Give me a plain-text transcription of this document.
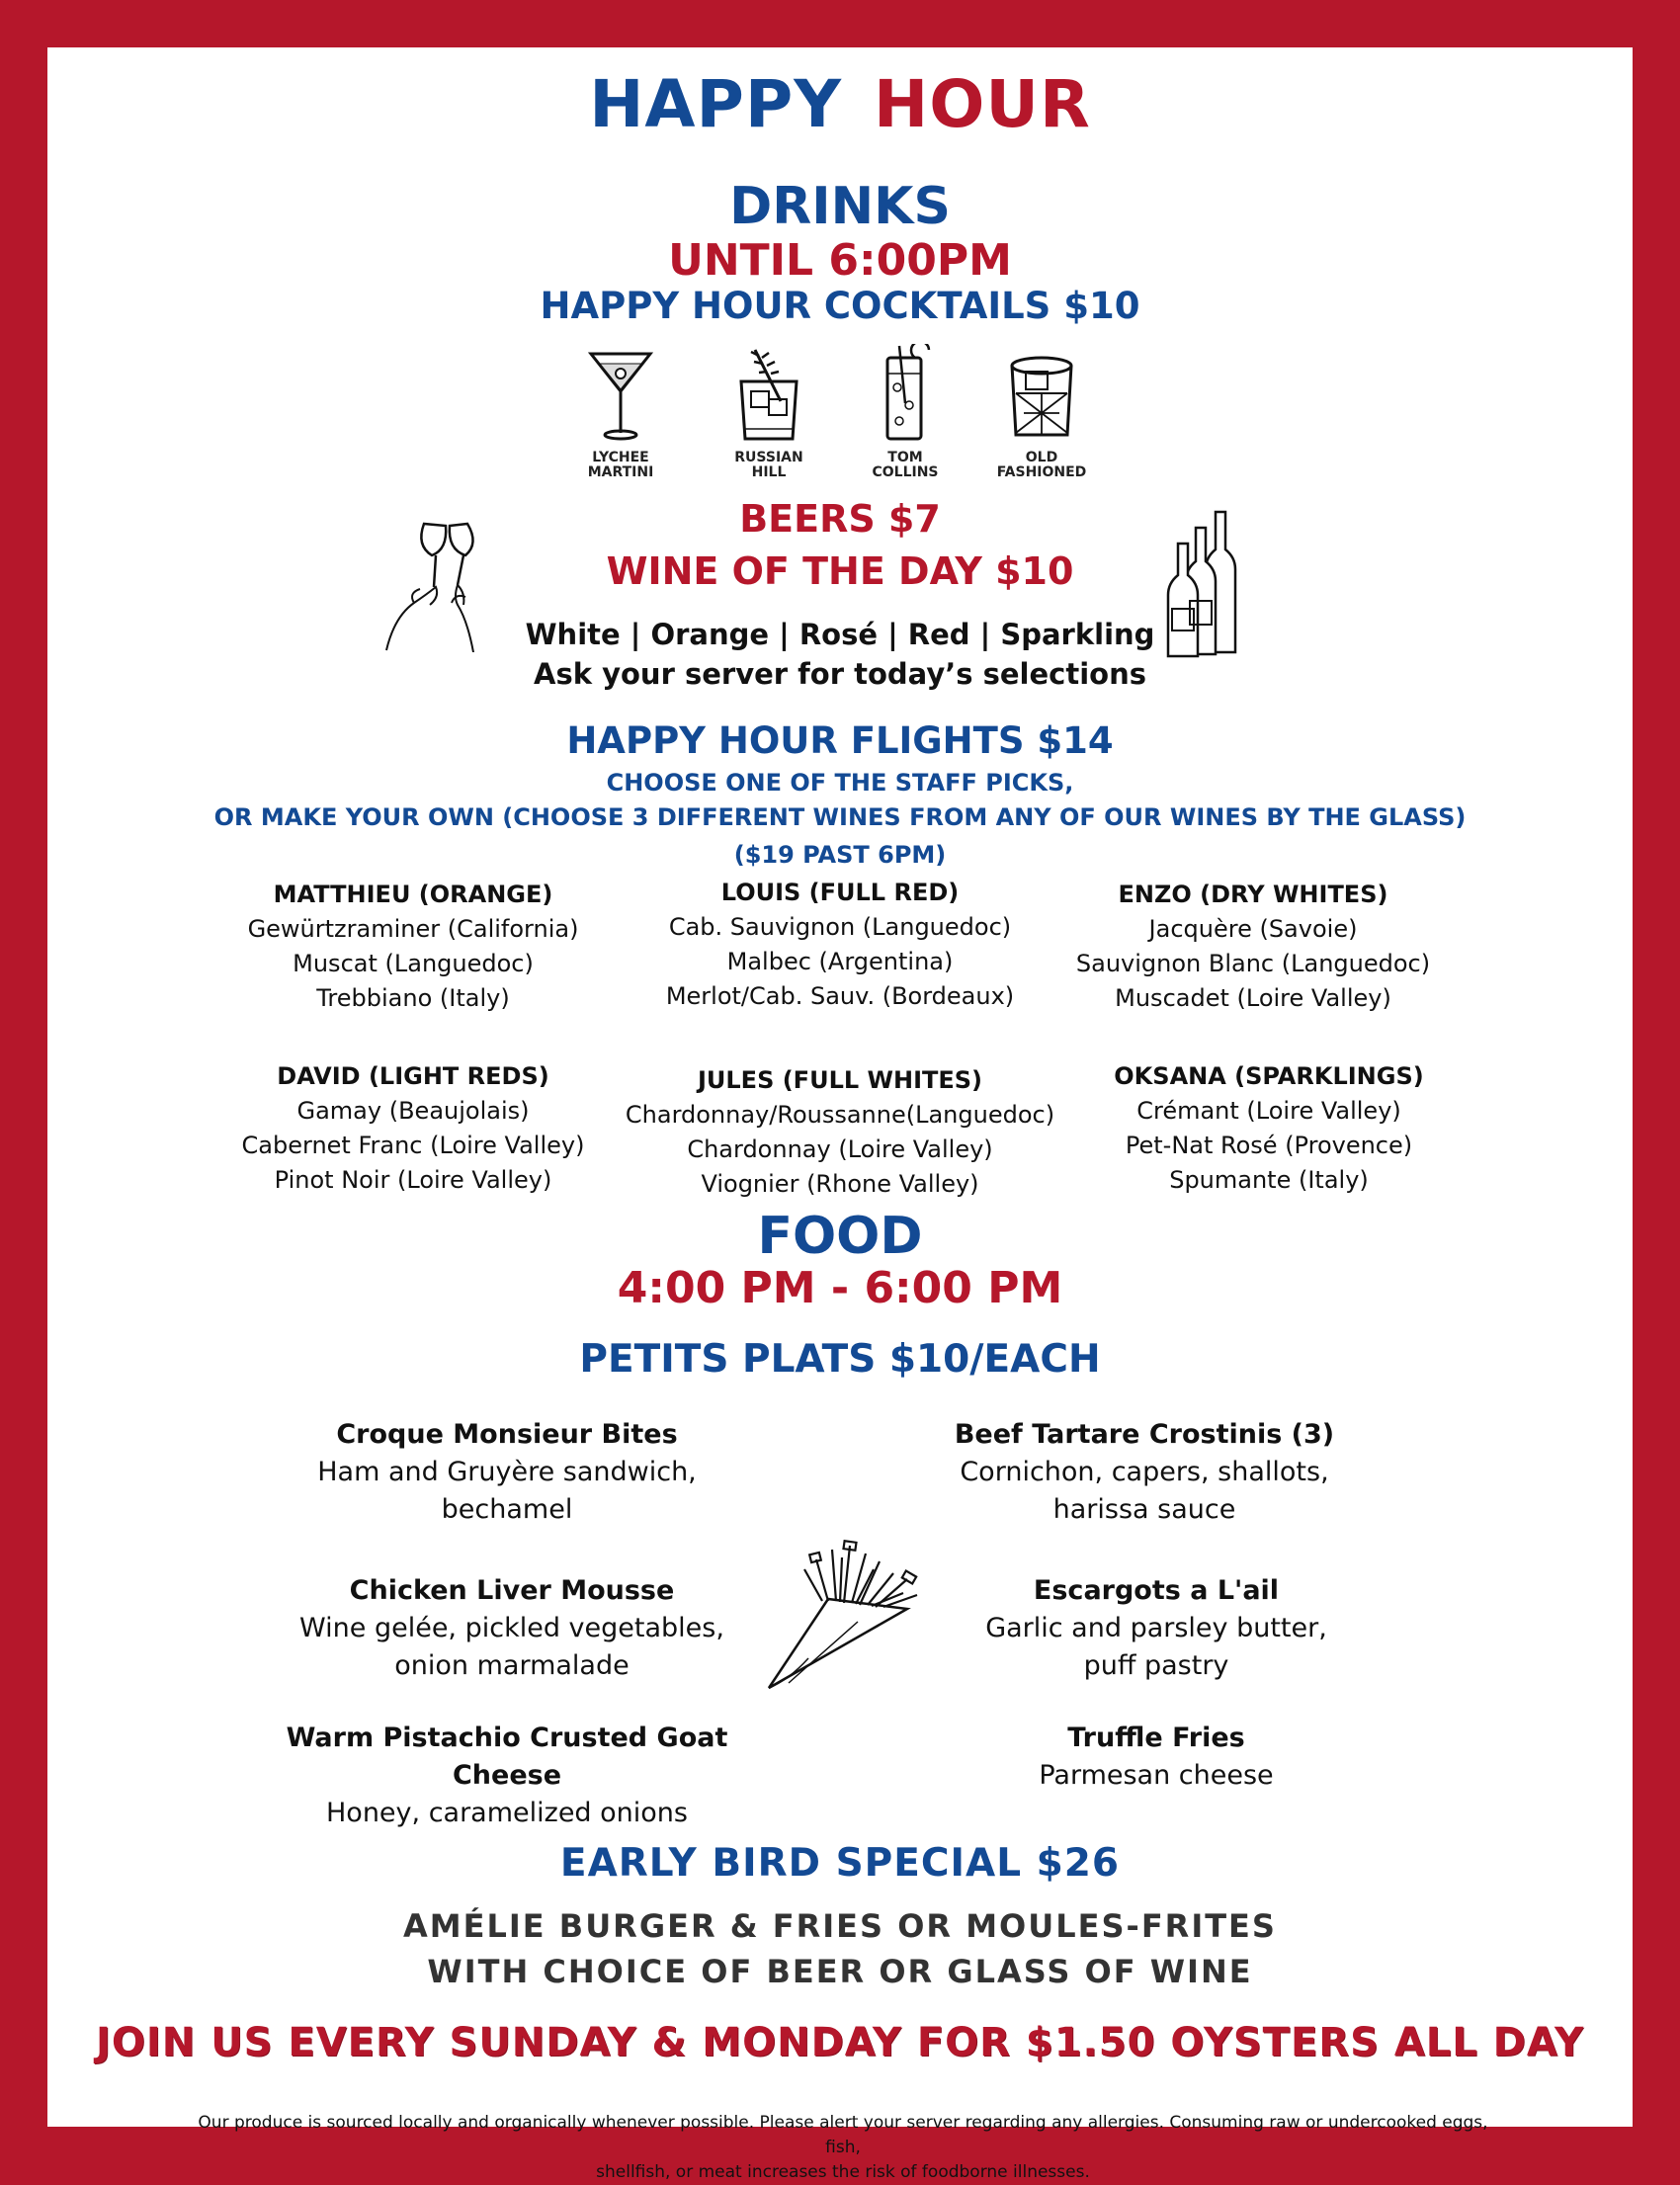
HAPPY HOUR
DRINKS
UNTIL 6:00PM
HAPPY HOUR COCKTAILS $10
LYCHEE
MARTINI
RUSSIAN
HILL
TOM
COLLINS
OLD
FASHIONED
BEERS $7
WINE OF THE DAY $10
White | Orange | Rosé | Red | Sparkling
Ask your server for today’s selections
HAPPY HOUR FLIGHTS $14
CHOOSE ONE OF THE STAFF PICKS,
OR MAKE YOUR OWN (CHOOSE 3 DIFFERENT WINES FROM ANY OF OUR WINES BY THE GLASS)
($19 PAST 6PM)
MATTHIEU (ORANGE)
Gewürtzraminer (California)
Muscat (Languedoc)
Trebbiano (Italy)
LOUIS (FULL RED)
Cab. Sauvignon (Languedoc)
Malbec (Argentina)
Merlot/Cab. Sauv. (Bordeaux)
ENZO (DRY WHITES)
Jacquère (Savoie)
Sauvignon Blanc (Languedoc)
Muscadet (Loire Valley)
DAVID (LIGHT REDS)
Gamay (Beaujolais)
Cabernet Franc (Loire Valley)
Pinot Noir (Loire Valley)
JULES (FULL WHITES)
Chardonnay/Roussanne(Languedoc)
Chardonnay (Loire Valley)
Viognier (Rhone Valley)
OKSANA (SPARKLINGS)
Crémant (Loire Valley)
Pet-Nat Rosé (Provence)
Spumante (Italy)
FOOD
4:00 PM - 6:00 PM
PETITS PLATS $10/EACH
Croque Monsieur Bites
Ham and Gruyère sandwich,
bechamel
Beef Tartare Crostinis (3)
Cornichon, capers, shallots,
harissa sauce
Chicken Liver Mousse
Wine gelée, pickled vegetables,
onion marmalade
Escargots a L'ail
Garlic and parsley butter,
puff pastry
Warm Pistachio Crusted Goat Cheese
Honey, caramelized onions
Truffle Fries
Parmesan cheese
EARLY BIRD SPECIAL $26
AMÉLIE BURGER & FRIES OR MOULES-FRITES
WITH CHOICE OF BEER OR GLASS OF WINE
JOIN US EVERY SUNDAY & MONDAY FOR $1.50 OYSTERS ALL DAY
Our produce is sourced locally and organically whenever possible. Please alert your server regarding any allergies. Consuming raw or undercooked eggs, fish,
shellfish, or meat increases the risk of foodborne illnesses.
